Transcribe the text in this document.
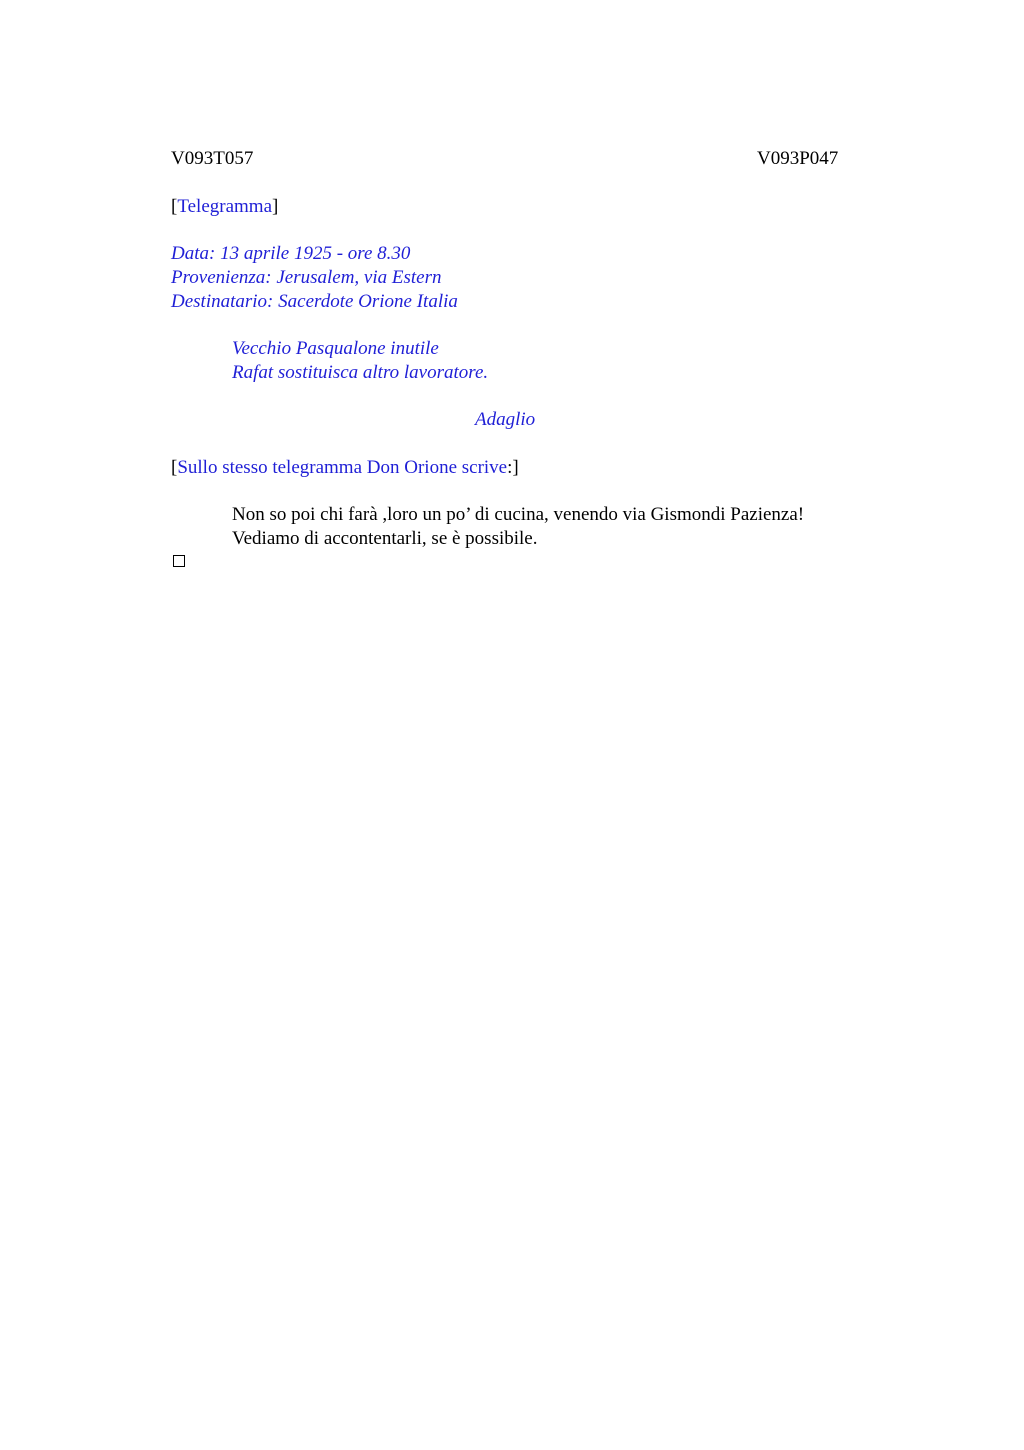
V093T057	V093P047
[Telegramma]
Data: 13 aprile 1925 - ore 8.30
Provenienza: Jerusalem, via Estern
Destinatario: Sacerdote Orione Italia
Vecchio Pasqualone inutile
Rafat sostituisca altro lavoratore.
Adaglio
[Sullo stesso telegramma Don Orione scrive:]
Non so poi chi farà ,loro un po’ di cucina, venendo via Gismondi Pazienza!
Vediamo di accontentarli, se è possibile.
